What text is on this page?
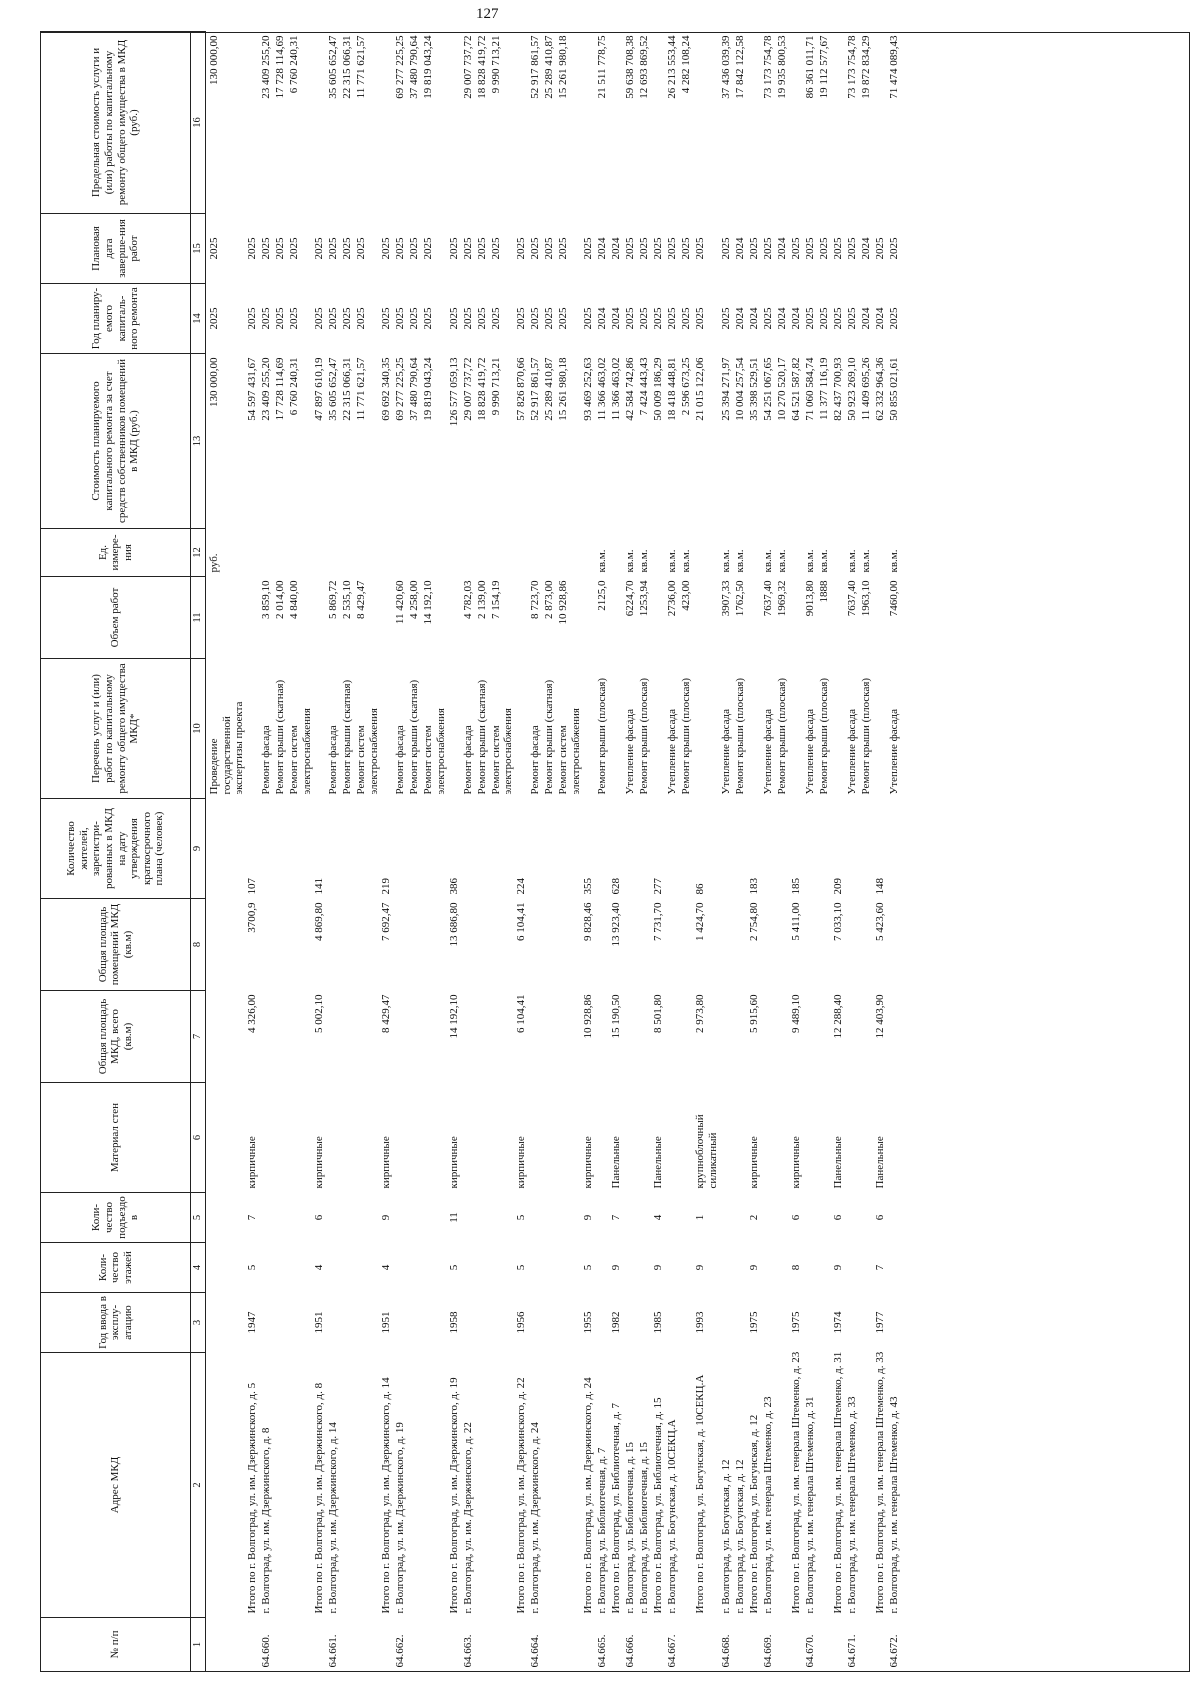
127
№ п/п	Адрес МКД	Год ввода в эксплу-атацию	Коли-чество этажей	Коли-чество подъездо в	Материал стен	Общая площадь МКД, всего (кв.м)	Общая площадь помещений МКД (кв.м)	Количество жителей, зарегистри-рованных в МКД на дату утверждения краткосрочного плана (человек)	Перечень услуг и (или) работ по капитальному ремонту общего имущества МКД*	Объем работ	Ед. измере-ния	Стоимость планируемого капитального ремонта за счет средств собственников помещений в МКД (руб.)	Год планиру-емого капиталь-ного ремонта	Плановая дата заверше-ния работ	Предельная стоимость услуги и (или) работы по капитальному ремонту общего имущества в МКД (руб.)
1	2	3	4	5	6	7	8	9	10	11	12	13	14	15	16
									Проведение государственной экспертизы проекта		руб.	130 000,00	2025	2025	130 000,00
	Итого по г. Волгоград, ул. им. Дзержинского, д. 5	1947	5	7	кирпичные	4 326,00	3700,9	107				54 597 431,67	2025	2025	
64.660.	г. Волгоград, ул. им. Дзержинского, д. 8								Ремонт фасада	3 859,10		23 409 255,20	2025	2025	23 409 255,20
									Ремонт крыши (скатная)	2 014,00		17 728 114,69	2025	2025	17 728 114,69
									Ремонт систем электроснабжения	4 840,00		6 760 240,31	2025	2025	6 760 240,31
	Итого по г. Волгоград, ул. им. Дзержинского, д. 8	1951	4	6	кирпичные	5 002,10	4 869,80	141				47 897 610,19	2025	2025	
64.661.	г. Волгоград, ул. им. Дзержинского, д. 14								Ремонт фасада	5 869,72		35 605 652,47	2025	2025	35 605 652,47
									Ремонт крыши (скатная)	2 535,10		22 315 066,31	2025	2025	22 315 066,31
									Ремонт систем электроснабжения	8 429,47		11 771 621,57	2025	2025	11 771 621,57
	Итого по г. Волгоград, ул. им. Дзержинского, д. 14	1951	4	9	кирпичные	8 429,47	7 692,47	219				69 692 340,35	2025	2025	
64.662.	г. Волгоград, ул. им. Дзержинского, д. 19								Ремонт фасада	11 420,60		69 277 225,25	2025	2025	69 277 225,25
									Ремонт крыши (скатная)	4 258,00		37 480 790,64	2025	2025	37 480 790,64
									Ремонт систем электроснабжения	14 192,10		19 819 043,24	2025	2025	19 819 043,24
	Итого по г. Волгоград, ул. им. Дзержинского, д. 19	1958	5	11	кирпичные	14 192,10	13 686,80	386				126 577 059,13	2025	2025	
64.663.	г. Волгоград, ул. им. Дзержинского, д. 22								Ремонт фасада	4 782,03		29 007 737,72	2025	2025	29 007 737,72
									Ремонт крыши (скатная)	2 139,00		18 828 419,72	2025	2025	18 828 419,72
									Ремонт систем электроснабжения	7 154,19		9 990 713,21	2025	2025	9 990 713,21
	Итого по г. Волгоград, ул. им. Дзержинского, д. 22	1956	5	5	кирпичные	6 104,41	6 104,41	224				57 826 870,66	2025	2025	
64.664.	г. Волгоград, ул. им. Дзержинского, д. 24								Ремонт фасада	8 723,70		52 917 861,57	2025	2025	52 917 861,57
									Ремонт крыши (скатная)	2 873,00		25 289 410,87	2025	2025	25 289 410,87
									Ремонт систем электроснабжения	10 928,86		15 261 980,18	2025	2025	15 261 980,18
	Итого по г. Волгоград, ул. им. Дзержинского, д. 24	1955	5	9	кирпичные	10 928,86	9 828,46	355				93 469 252,63	2025	2025	
64.665.	г. Волгоград, ул. Библиотечная, д. 7								Ремонт крыши (плоская)	2125,0	кв.м.	11 366 463,02	2024	2024	21 511 778,75
	Итого по г. Волгоград, ул. Библиотечная, д. 7	1982	9	7	Панельные	15 190,50	13 923,40	628				11 366 463,02	2024	2024	
64.666.	г. Волгоград, ул. Библиотечная, д. 15								Утепление фасада	6224,70	кв.м.	42 584 742,86	2025	2025	59 638 708,38
	г. Волгоград, ул. Библиотечная, д. 15								Ремонт крыши (плоская)	1253,94	кв.м.	7 424 443,43	2025	2025	12 693 869,52
	Итого по г. Волгоград, ул. Библиотечная, д. 15	1985	9	4	Панельные	8 501,80	7 731,70	277				50 009 186,29	2025	2025	
64.667.	г. Волгоград, ул. Богунская, д. 10СЕКЦ.А								Утепление фасада	2736,00	кв.м.	18 418 448,81	2025	2025	26 213 553,44
									Ремонт крыши (плоская)	423,00	кв.м.	2 596 673,25	2025	2025	4 282 108,24
	Итого по г. Волгоград, ул. Богунская, д. 10СЕКЦ.А	1993	9	1	крупноблочный силикатный	2 973,80	1 424,70	86				21 015 122,06	2025	2025	
64.668.	г. Волгоград, ул. Богунская, д. 12								Утепление фасада	3907,33	кв.м.	25 394 271,97	2025	2025	37 436 039,39
	г. Волгоград, ул. Богунская, д. 12								Ремонт крыши (плоская)	1762,50	кв.м.	10 004 257,54	2024	2024	17 842 122,58
	Итого по г. Волгоград, ул. Богунская, д. 12	1975	9	2	кирпичные	5 915,60	2 754,80	183				35 398 529,51	2024	2025	
64.669.	г. Волгоград, ул. им. генерала Штеменко, д. 23								Утепление фасада	7637,40	кв.м.	54 251 067,65	2025	2025	73 173 754,78
									Ремонт крыши (плоская)	1969,32	кв.м.	10 270 520,17	2024	2024	19 935 800,53
	Итого по г. Волгоград, ул. им. генерала Штеменко, д. 23	1975	8	6	кирпичные	9 489,10	5 411,00	185				64 521 587,82	2024	2025	
64.670.	г. Волгоград, ул. им. генерала Штеменко, д. 31								Утепление фасада	9013,80	кв.м.	71 060 584,74	2025	2025	86 361 011,71
									Ремонт крыши (плоская)	1888	кв.м.	11 377 116,19	2025	2025	19 112 577,67
	Итого по г. Волгоград, ул. им. генерала Штеменко, д. 31	1974	9	6	Панельные	12 288,40	7 033,10	209				82 437 700,93	2025	2025	
64.671.	г. Волгоград, ул. им. генерала Штеменко, д. 33								Утепление фасада	7637,40	кв.м.	50 923 269,10	2025	2025	73 173 754,78
									Ремонт крыши (плоская)	1963,10	кв.м.	11 409 695,26	2024	2024	19 872 834,29
	Итого по г. Волгоград, ул. им. генерала Штеменко, д. 33	1977	7	6	Панельные	12 403,90	5 423,60	148				62 332 964,36	2024	2025	
64.672.	г. Волгоград, ул. им. генерала Штеменко, д. 43								Утепление фасада	7460,00	кв.м.	50 855 021,61	2025	2025	71 474 089,43
